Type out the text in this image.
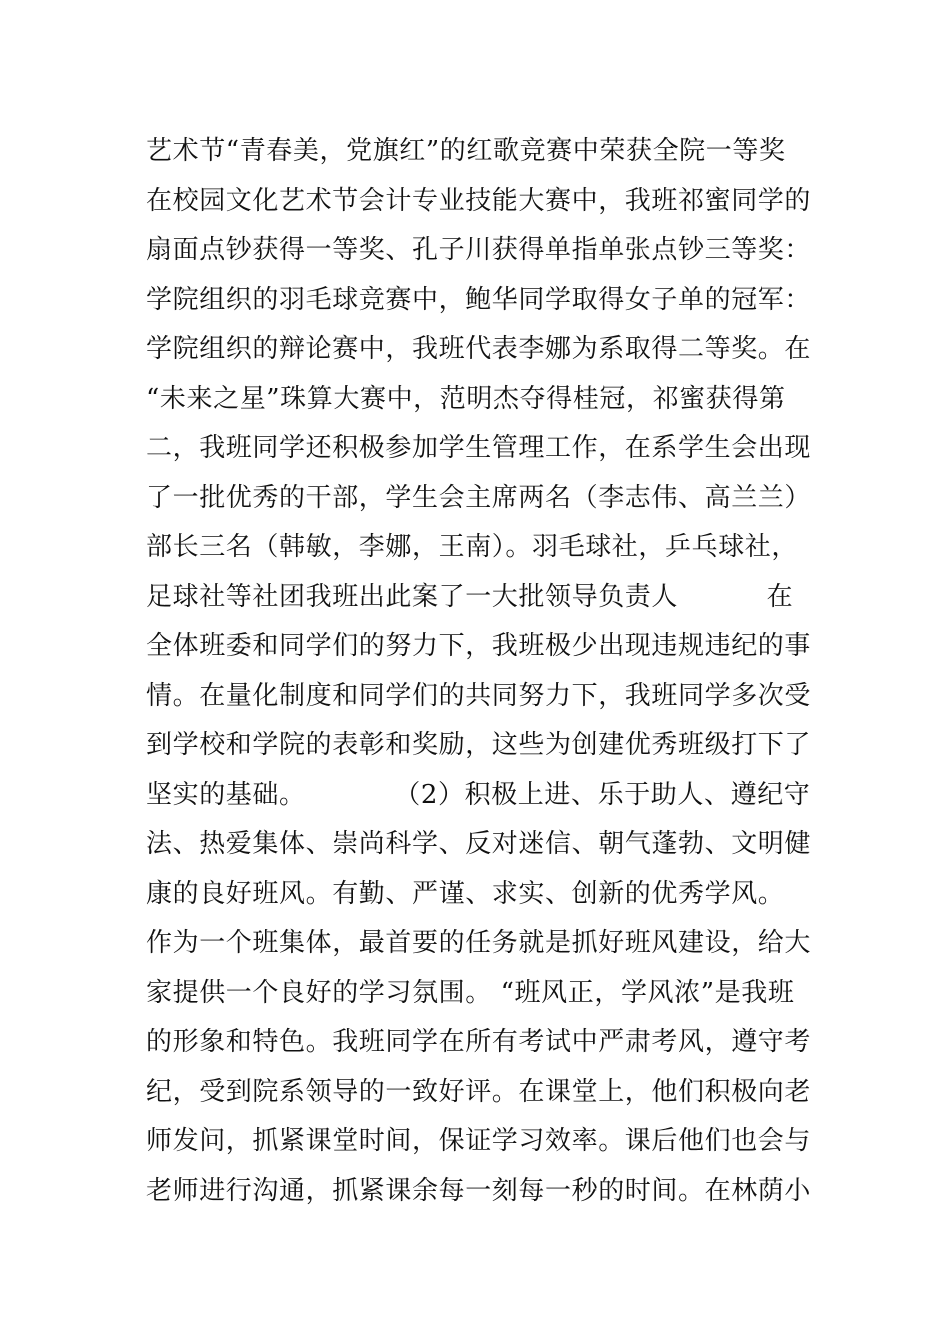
艺术节“青春美，党旗红”的红歌竞赛中荣获全院一等奖
在校园文化艺术节会计专业技能大赛中，我班祁蜜同学的
扇面点钞获得一等奖、孔子川获得单指单张点钞三等奖：
学院组织的羽毛球竞赛中，鲍华同学取得女子单的冠军：
学院组织的辩论赛中，我班代表李娜为系取得二等奖。在
“未来之星”珠算大赛中，范明杰夺得桂冠，祁蜜获得第
二，我班同学还积极参加学生管理工作，在系学生会出现
了一批优秀的干部，学生会主席两名（李志伟、高兰兰）
部长三名（韩敏，李娜，王南）。羽毛球社，乒乓球社，
足球社等社团我班出此案了一大批领导负责人          在
全体班委和同学们的努力下，我班极少出现违规违纪的事
情。在量化制度和同学们的共同努力下，我班同学多次受
到学校和学院的表彰和奖励，这些为创建优秀班级打下了
坚实的基础。          （2）积极上进、乐于助人、遵纪守
法、热爱集体、崇尚科学、反对迷信、朝气蓬勃、文明健
康的良好班风。有勤、严谨、求实、创新的优秀学风。
作为一个班集体，最首要的任务就是抓好班风建设，给大
家提供一个良好的学习氛围。 “班风正，学风浓”是我班
的形象和特色。我班同学在所有考试中严肃考风，遵守考
纪，受到院系领导的一致好评。在课堂上，他们积极向老
师发问，抓紧课堂时间，保证学习效率。课后他们也会与
老师进行沟通，抓紧课余每一刻每一秒的时间。在林荫小
